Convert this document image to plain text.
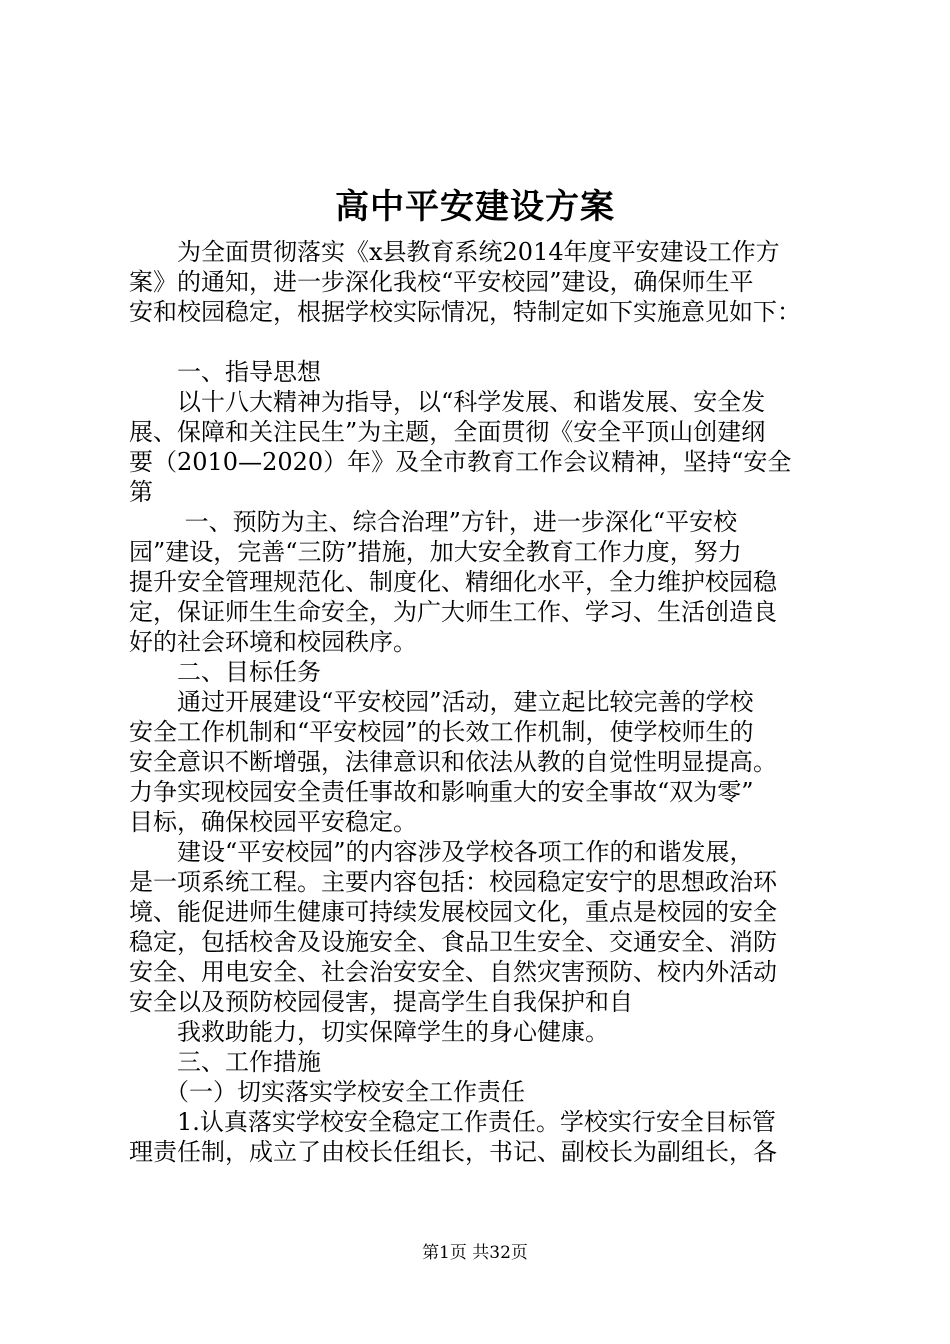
高中平安建设方案
　　为全面贯彻落实《x县教育系统2014年度平安建设工作方
案》的通知，进一步深化我校“平安校园”建设，确保师生平
安和校园稳定，根据学校实际情况，特制定如下实施意见如下：
　　一、指导思想
　　以十八大精神为指导，以“科学发展、和谐发展、安全发
展、保障和关注民生”为主题，全面贯彻《安全平顶山创建纲
要（2010—2020）年》及全市教育工作会议精神，坚持“安全
第
　　 一、预防为主、综合治理”方针，进一步深化“平安校
园”建设，完善“三防”措施，加大安全教育工作力度，努力
提升安全管理规范化、制度化、精细化水平，全力维护校园稳
定，保证师生生命安全，为广大师生工作、学习、生活创造良
好的社会环境和校园秩序。
　　二、目标任务
　　通过开展建设“平安校园”活动，建立起比较完善的学校
安全工作机制和“平安校园”的长效工作机制，使学校师生的
安全意识不断增强，法律意识和依法从教的自觉性明显提高。
力争实现校园安全责任事故和影响重大的安全事故“双为零”
目标，确保校园平安稳定。
　　建设“平安校园”的内容涉及学校各项工作的和谐发展，
是一项系统工程。主要内容包括：校园稳定安宁的思想政治环
境、能促进师生健康可持续发展校园文化，重点是校园的安全
稳定，包括校舍及设施安全、食品卫生安全、交通安全、消防
安全、用电安全、社会治安安全、自然灾害预防、校内外活动
安全以及预防校园侵害，提高学生自我保护和自
　　我救助能力，切实保障学生的身心健康。
　　三、工作措施
　　（一）切实落实学校安全工作责任
　　1.认真落实学校安全稳定工作责任。学校实行安全目标管
理责任制，成立了由校长任组长，书记、副校长为副组长，各
第1页 共32页
